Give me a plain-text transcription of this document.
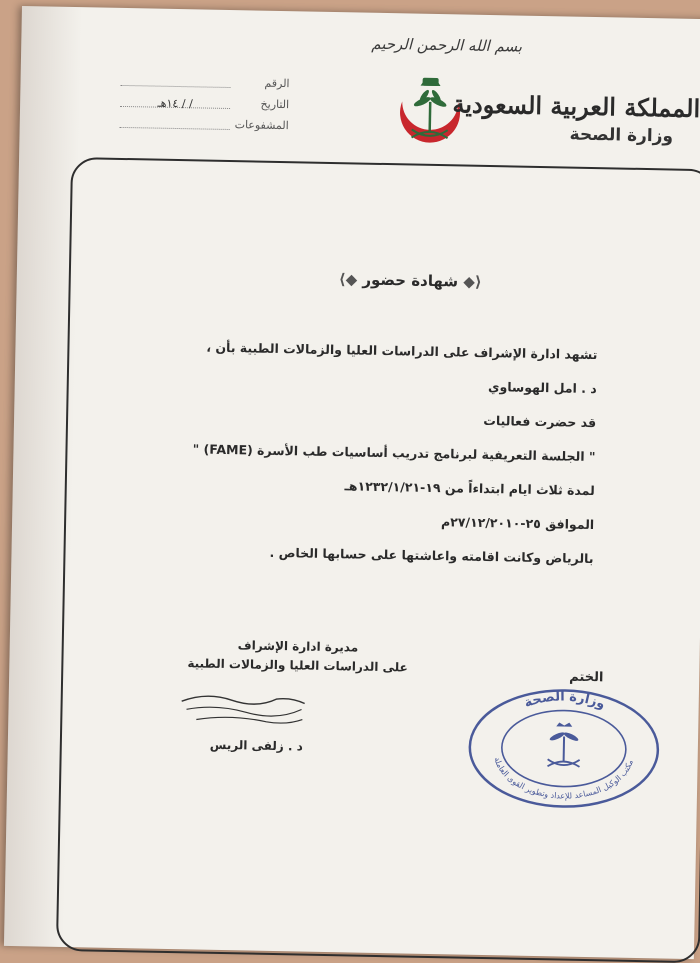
بسم الله الرحمن الرحيم
الرقم
التاريخ
/ / ١٤هـ
المشفوعات
المملكة العربية السعودية
وزارة الصحة
⟨◆ شهادة حضور ◆⟩
تشهد ادارة الإشراف على الدراسات العليا والزمالات الطبية بأن ،
د . امل الهوساوي
قد حضرت فعاليات
" الجلسة التعريفية لبرنامج تدريب أساسيات طب الأسرة (FAME) "
لمدة ثلاث ايام ابتداءاً من ١٩-١٢٣٢/١/٢١هـ
الموافق ٢٥-٢٧/١٢/٢٠١٠م
بالرياض وكانت اقامته واعاشتها على حسابها الخاص .
مديرة ادارة الإشراف
على الدراسات العليا والزمالات الطبية
د . زلفى الريس
الختم
وزارة الصحة
مكتب الوكيل المساعد للإعداد وتطوير القوى العاملة
